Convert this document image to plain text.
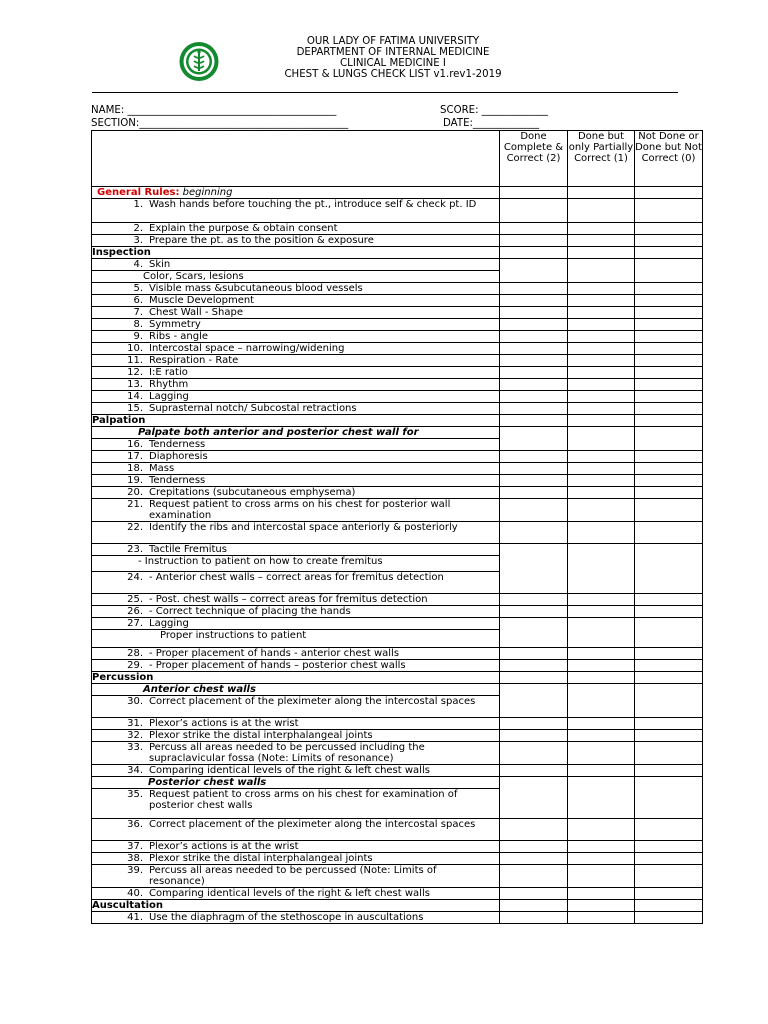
OUR LADY OF FATIMA UNIVERSITY
DEPARTMENT OF INTERNAL MEDICINE
CLINICAL MEDICINE I
CHEST & LUNGS CHECK LIST v1.rev1-2019
NAME: _________________________________________
SECTION:_________________________________________
SCORE: _____________
DATE:_____________
	Done Complete & Correct (2)	Done but only Partially Correct (1)	Not Done or Done but Not Correct (0)
General Rules: beginning			

1. Wash hands before touching the pt., introduce self & check pt. ID			

2. Explain the purpose & obtain consent			

3. Prepare the pt. as to the position & exposure			

Inspection			

4. Skin			

Color, Scars, lesions			

5. Visible mass &subcutaneous blood vessels			

6. Muscle Development			

7. Chest Wall - Shape			

8. Symmetry			

9. Ribs - angle			

10. Intercostal space – narrowing/widening			

11. Respiration - Rate			

12. I:E ratio			

13. Rhythm			

14. Lagging			

15. Suprasternal notch/ Subcostal retractions			

Palpation			
Palpate both anterior and posterior chest wall for			

16. Tenderness			

17. Diaphoresis			

18. Mass			

19. Tenderness			

20. Crepitations (subcutaneous emphysema)			

21. Request patient to cross arms on his chest for posterior wall examination			

22. Identify the ribs and intercostal space anteriorly & posteriorly			

23. Tactile Fremitus			

- Instruction to patient on how to create fremitus			

24. - Anterior chest walls – correct areas for fremitus detection			

25. - Post. chest walls – correct areas for fremitus detection			

26. - Correct technique of placing the hands			

27. Lagging			

Proper instructions to patient			

28. - Proper placement of hands - anterior chest walls			

29. - Proper placement of hands – posterior chest walls			

Percussion			
Anterior chest walls			

30. Correct placement of the pleximeter along the intercostal spaces			

31. Plexor’s actions is at the wrist			

32. Plexor strike the distal interphalangeal joints			

33. Percuss all areas needed to be percussed including the supraclavicular fossa (Note: Limits of resonance)			

34. Comparing identical levels of the right & left chest walls			

Posterior chest walls			

35. Request patient to cross arms on his chest for examination of posterior chest walls			

36. Correct placement of the pleximeter along the intercostal spaces			

37. Plexor’s actions is at the wrist			

38. Plexor strike the distal interphalangeal joints			

39. Percuss all areas needed to be percussed (Note: Limits of resonance)			

40. Comparing identical levels of the right & left chest walls			

Auscultation			

41. Use the diaphragm of the stethoscope in auscultations			
